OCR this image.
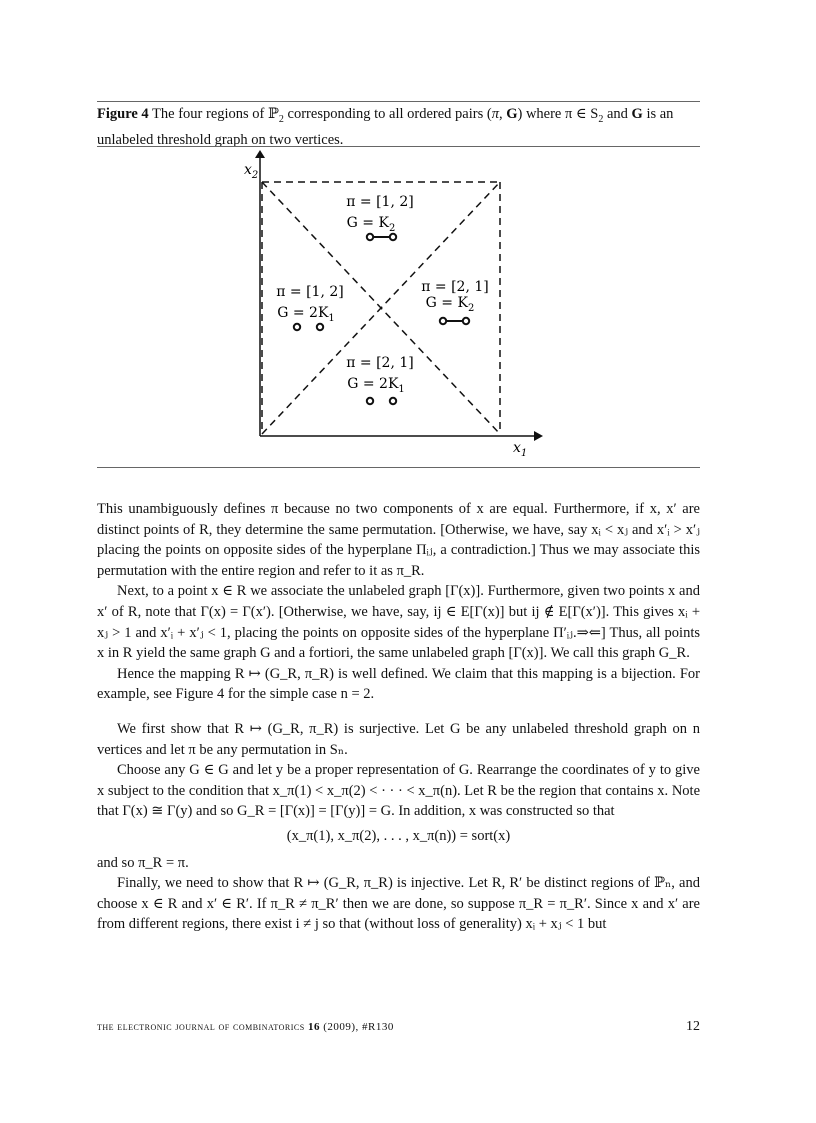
Figure 4 The four regions of ℙ$_2$ corresponding to all ordered pairs (π, G) where π ∈ $S_2$ and G is an unlabeled threshold graph on two vertices.
$x_2$
$x_1$
π = [1, 2]
$G = K_2$
π = [1, 2]
$G = 2K_1$
π = [2, 1]
$G = K_2$
π = [2, 1]
$G = 2K_1$

This unambiguously defines π because no two components of x are equal. Furthermore, if x, x′ are distinct points of R, they determine the same permutation. [Otherwise, we have, say xᵢ < xⱼ and x′ᵢ > x′ⱼ placing the points on opposite sides of the hyperplane Πᵢⱼ, a contradiction.] Thus we may associate this permutation with the entire region and refer to it as π_R.

Next, to a point x ∈ R we associate the unlabeled graph [Γ(x)]. Furthermore, given two points x and x′ of R, note that Γ(x) = Γ(x′). [Otherwise, we have, say, ij ∈ E[Γ(x)] but ij ∉ E[Γ(x′)]. This gives xᵢ + xⱼ > 1 and x′ᵢ + x′ⱼ < 1, placing the points on opposite sides of the hyperplane Π′ᵢⱼ.⇒⇐] Thus, all points x in R yield the same graph G and a fortiori, the same unlabeled graph [Γ(x)]. We call this graph G_R.

Hence the mapping R ↦ (G_R, π_R) is well defined. We claim that this mapping is a bijection. For example, see Figure 4 for the simple case n = 2.

We first show that R ↦ (G_R, π_R) is surjective. Let G be any unlabeled threshold graph on n vertices and let π be any permutation in Sₙ.

Choose any G ∈ G and let y be a proper representation of G. Rearrange the coordinates of y to give x subject to the condition that x_π(1) < x_π(2) < · · · < x_π(n). Let R be the region that contains x. Note that Γ(x) ≅ Γ(y) and so G_R = [Γ(x)] = [Γ(y)] = G. In addition, x was constructed so that

(x_π(1), x_π(2), . . . , x_π(n)) = sort(x)

and so π_R = π.

Finally, we need to show that R ↦ (G_R, π_R) is injective. Let R, R′ be distinct regions of ℙₙ, and choose x ∈ R and x′ ∈ R′. If π_R ≠ π_R′ then we are done, so suppose π_R = π_R′. Since x and x′ are from different regions, there exist i ≠ j so that (without loss of generality) xᵢ + xⱼ < 1 but

the electronic journal of combinatorics 16 (2009), #R130	12
